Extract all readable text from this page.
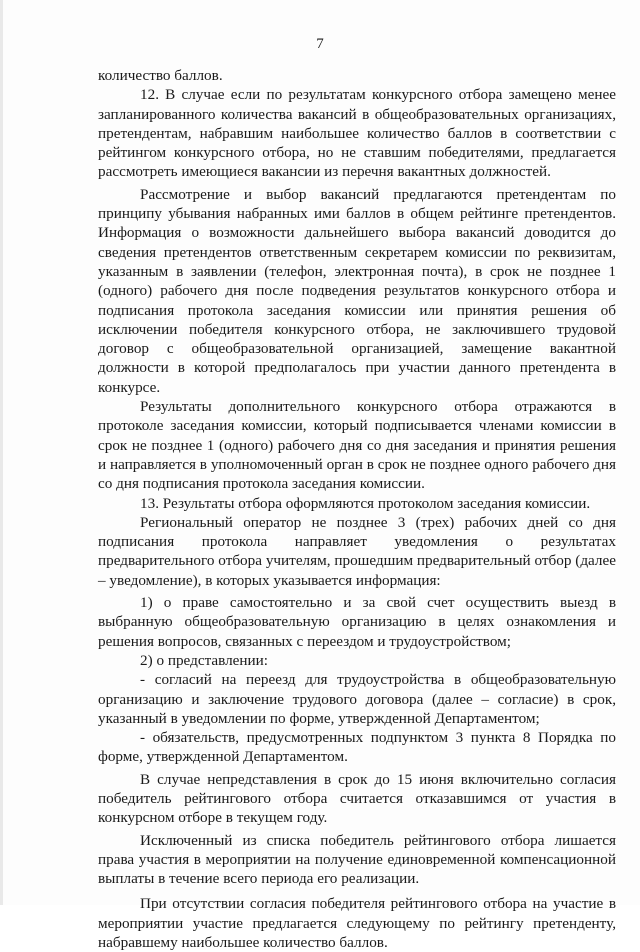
7

количество баллов.

12. В случае если по результатам конкурсного отбора замещено менее запланированного количества вакансий в общеобразовательных организациях, претендентам, набравшим наибольшее количество баллов в соответствии с рейтингом конкурсного отбора, но не ставшим победителями, предлагается рассмотреть имеющиеся вакансии из перечня вакантных должностей.

Рассмотрение и выбор вакансий предлагаются претендентам по принципу убывания набранных ими баллов в общем рейтинге претендентов. Информация о возможности дальнейшего выбора вакансий доводится до сведения претендентов ответственным секретарем комиссии по реквизитам, указанным в заявлении (телефон, электронная почта), в срок не позднее 1 (одного) рабочего дня после подведения результатов конкурсного отбора и подписания протокола заседания комиссии или принятия решения об исключении победителя конкурсного отбора, не заключившего трудовой договор с общеобразовательной организацией, замещение вакантной должности в которой предполагалось при участии данного претендента в конкурсе.

Результаты дополнительного конкурсного отбора отражаются в протоколе заседания комиссии, который подписывается членами комиссии в срок не позднее 1 (одного) рабочего дня со дня заседания и принятия решения и направляется в уполномоченный орган в срок не позднее одного рабочего дня со дня подписания протокола заседания комиссии.

13. Результаты отбора оформляются протоколом заседания комиссии.

Региональный оператор не позднее 3 (трех) рабочих дней со дня подписания протокола направляет уведомления о результатах предварительного отбора учителям, прошедшим предварительный отбор (далее – уведомление), в которых указывается информация:

1) о праве самостоятельно и за свой счет осуществить выезд в выбранную общеобразовательную организацию в целях ознакомления и решения вопросов, связанных с переездом и трудоустройством;

2) о представлении:

- согласий на переезд для трудоустройства в общеобразовательную организацию и заключение трудового договора (далее – согласие) в срок, указанный в уведомлении по форме, утвержденной Департаментом;

- обязательств, предусмотренных подпунктом 3 пункта 8 Порядка по форме, утвержденной Департаментом.

В случае непредставления в срок до 15 июня включительно согласия победитель рейтингового отбора считается отказавшимся от участия в конкурсном отборе в текущем году.

Исключенный из списка победитель рейтингового отбора лишается права участия в мероприятии на получение единовременной компенсационной выплаты в течение всего периода его реализации.

При отсутствии согласия победителя рейтингового отбора на участие в мероприятии участие предлагается следующему по рейтингу претенденту, набравшему наибольшее количество баллов.
